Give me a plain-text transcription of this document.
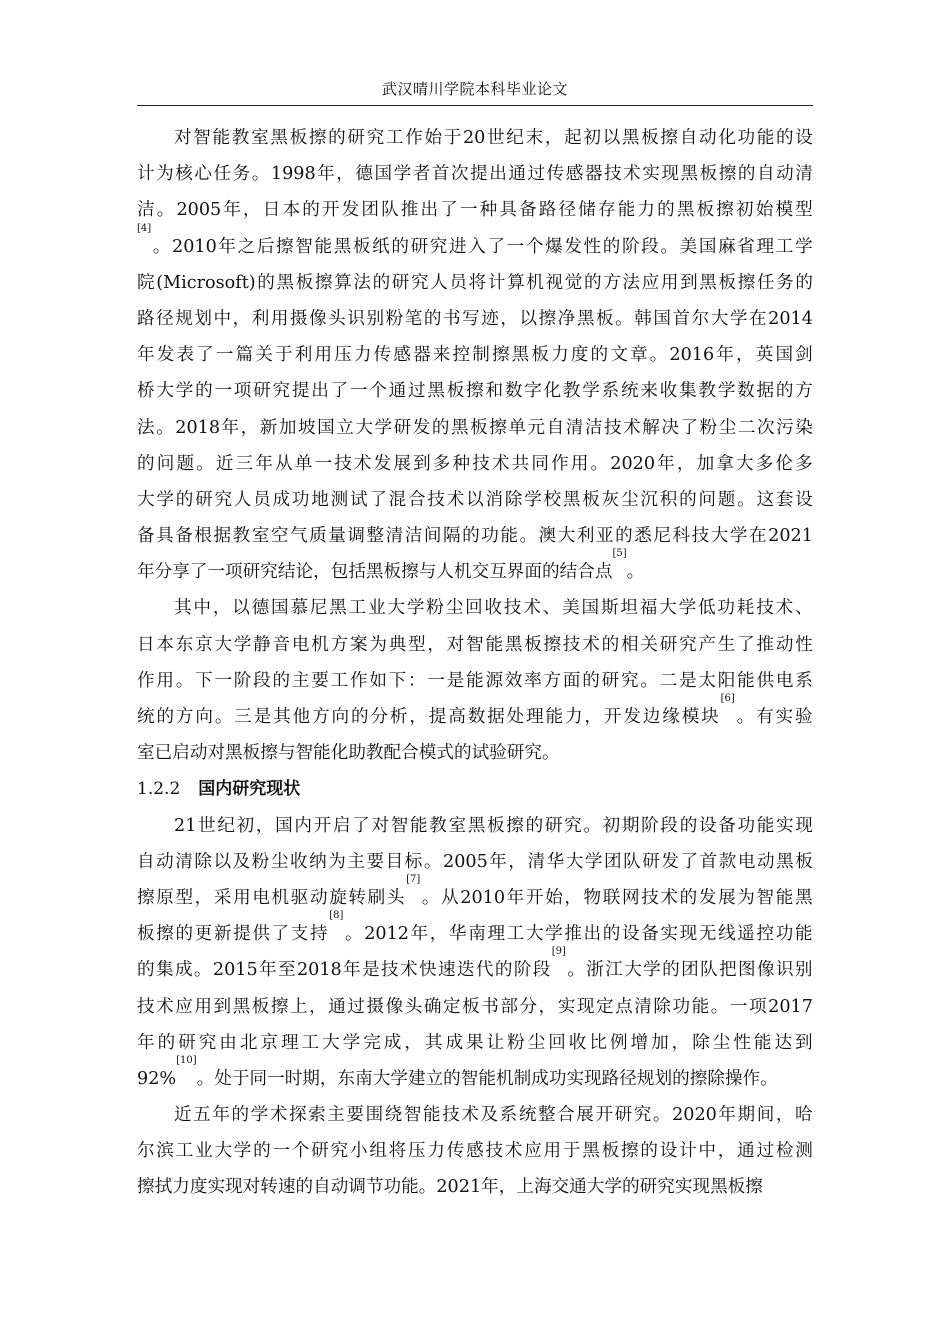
武汉晴川学院本科毕业论文
对 智 能 教 室 黑 板 擦 的 研 究 工 作 始 于 20 世 纪 末 ， 起 初 以 黑 板 擦 自 动 化 功 能 的 设
计 为 核 心 任 务 。 1998 年 ， 德 国 学 者 首 次 提 出 通 过 传 感 器 技 术 实 现 黑 板 擦 的 自 动 清
洁 。 2005 年 ， 日 本 的 开 发 团 队 推 出 了 一 种 具 备 路 径 储 存 能 力 的 黑 板 擦 初 始 模 型
[4]
。 2010 年 之 后 擦 智 能 黑 板 纸 的 研 究 进 入 了 一 个 爆 发 性 的 阶 段 。 美 国 麻 省 理 工 学
院 (Microsoft) 的 黑 板 擦 算 法 的 研 究 人 员 将 计 算 机 视 觉 的 方 法 应 用 到 黑 板 擦 任 务 的
路 径 规 划 中 ， 利 用 摄 像 头 识 别 粉 笔 的 书 写 迹 ， 以 擦 净 黑 板 。 韩 国 首 尔 大 学 在 2014
年 发 表 了 一 篇 关 于 利 用 压 力 传 感 器 来 控 制 擦 黑 板 力 度 的 文 章 。 2016 年 ， 英 国 剑
桥 大 学 的 一 项 研 究 提 出 了 一 个 通 过 黑 板 擦 和 数 字 化 教 学 系 统 来 收 集 教 学 数 据 的 方
法 。 2018 年 ， 新 加 坡 国 立 大 学 研 发 的 黑 板 擦 单 元 自 清 洁 技 术 解 决 了 粉 尘 二 次 污 染
的 问 题 。 近 三 年 从 单 一 技 术 发 展 到 多 种 技 术 共 同 作 用 。 2020 年 ， 加 拿 大 多 伦 多
大 学 的 研 究 人 员 成 功 地 测 试 了 混 合 技 术 以 消 除 学 校 黑 板 灰 尘 沉 积 的 问 题 。 这 套 设
备 具 备 根 据 教 室 空 气 质 量 调 整 清 洁 间 隔 的 功 能 。 澳 大 利 亚 的 悉 尼 科 技 大 学 在 2021
年 分 享 了 一 项 研 究 结 论 ， 包 括 黑 板 擦 与 人 机 交 互 界 面 的 结 合 点
[5]
。
其 中 ， 以 德 国 慕 尼 黑 工 业 大 学 粉 尘 回 收 技 术 、 美 国 斯 坦 福 大 学 低 功 耗 技 术 、
日 本 东 京 大 学 静 音 电 机 方 案 为 典 型 ， 对 智 能 黑 板 擦 技 术 的 相 关 研 究 产 生 了 推 动 性
作 用 。 下 一 阶 段 的 主 要 工 作 如 下 ： 一 是 能 源 效 率 方 面 的 研 究 。 二 是 太 阳 能 供 电 系
统 的 方 向 。 三 是 其 他 方 向 的 分 析 ， 提 高 数 据 处 理 能 力 ， 开 发 边 缘 模 块
[6]
。 有 实 验
室 已 启 动 对 黑 板 擦 与 智 能 化 助 教 配 合 模 式 的 试 验 研 究 。
1.2.2 国内研究现状
21 世 纪 初 ， 国 内 开 启 了 对 智 能 教 室 黑 板 擦 的 研 究 。 初 期 阶 段 的 设 备 功 能 实 现
自 动 清 除 以 及 粉 尘 收 纳 为 主 要 目 标 。 2005 年 ， 清 华 大 学 团 队 研 发 了 首 款 电 动 黑 板
擦 原 型 ， 采 用 电 机 驱 动 旋 转 刷 头
[7]
。 从 2010 年 开 始 ， 物 联 网 技 术 的 发 展 为 智 能 黑
板 擦 的 更 新 提 供 了 支 持
[8]
。 2012 年 ， 华 南 理 工 大 学 推 出 的 设 备 实 现 无 线 遥 控 功 能
的 集 成 。 2015 年 至 2018 年 是 技 术 快 速 迭 代 的 阶 段
[9]
。 浙 江 大 学 的 团 队 把 图 像 识 别
技 术 应 用 到 黑 板 擦 上 ， 通 过 摄 像 头 确 定 板 书 部 分 ， 实 现 定 点 清 除 功 能 。 一 项 2017
年 的 研 究 由 北 京 理 工 大 学 完 成 ， 其 成 果 让 粉 尘 回 收 比 例 增 加 ， 除 尘 性 能 达 到
92%
[10]
。 处 于 同 一 时 期 ， 东 南 大 学 建 立 的 智 能 机 制 成 功 实 现 路 径 规 划 的 擦 除 操 作 。
近 五 年 的 学 术 探 索 主 要 围 绕 智 能 技 术 及 系 统 整 合 展 开 研 究 。 2020 年 期 间 ， 哈
尔 滨 工 业 大 学 的 一 个 研 究 小 组 将 压 力 传 感 技 术 应 用 于 黑 板 擦 的 设 计 中 ， 通 过 检 测
擦 拭 力 度 实 现 对 转 速 的 自 动 调 节 功 能 。 2021 年 ， 上 海 交 通 大 学 的 研 究 实 现 黑 板 擦
